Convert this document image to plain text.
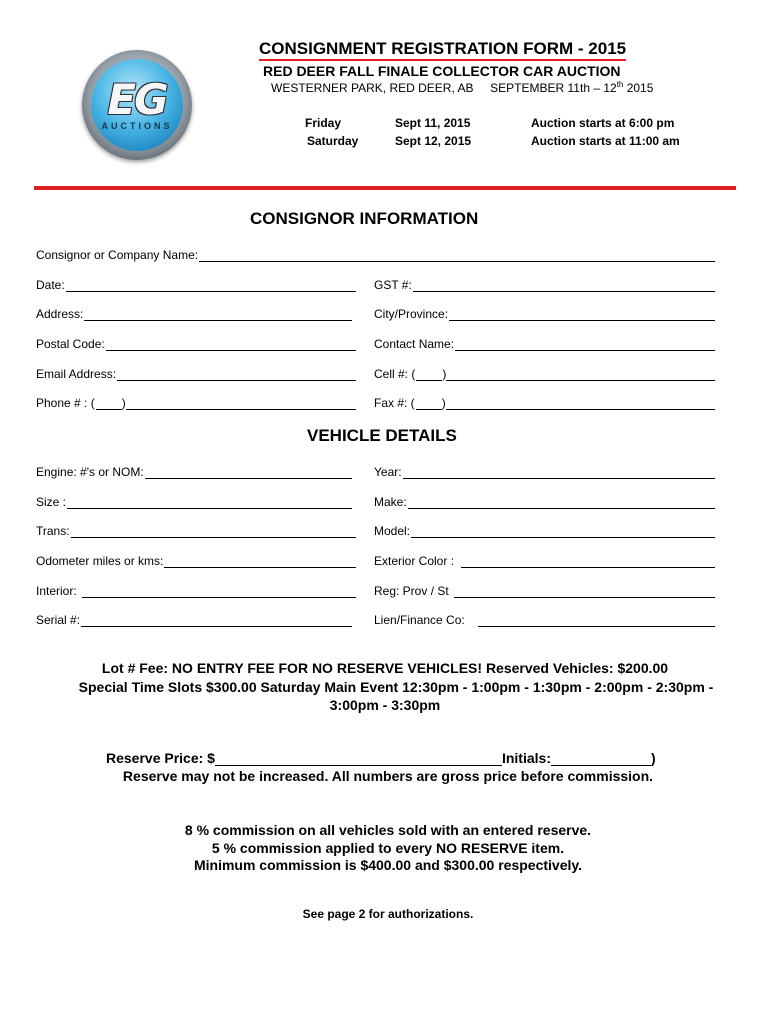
EG
AUCTIONS
CONSIGNMENT REGISTRATION FORM - 2015
RED DEER FALL FINALE COLLECTOR CAR AUCTION
WESTERNER PARK, RED DEER, AB SEPTEMBER 11th – 12th 2015
Friday	Sept 11, 2015	Auction starts at 6:00 pm
Saturday	Sept 12, 2015	Auction starts at 11:00 am
CONSIGNOR INFORMATION
Consignor or Company Name:
Date:	GST #:
Address:	City/Province:
Postal Code:	Contact Name:
Email Address:	Cell #: ( )
Phone # : ( )	Fax #: ( )
VEHICLE DETAILS
Engine: #'s or NOM:	Year:
Size :	Make:
Trans:	Model:
Odometer miles or kms:	Exterior Color :
Interior:	Reg: Prov / St
Serial #:	Lien/Finance Co:
Lot # Fee: NO ENTRY FEE FOR NO RESERVE VEHICLES! Reserved Vehicles: $200.00
Special Time Slots $300.00 Saturday Main Event 12:30pm - 1:00pm - 1:30pm - 2:00pm - 2:30pm -
3:00pm - 3:30pm
Reserve Price: $	Initials:	)
Reserve may not be increased. All numbers are gross price before commission.
8 % commission on all vehicles sold with an entered reserve.
5 % commission applied to every NO RESERVE item.
Minimum commission is $400.00 and $300.00 respectively.
See page 2 for authorizations.
